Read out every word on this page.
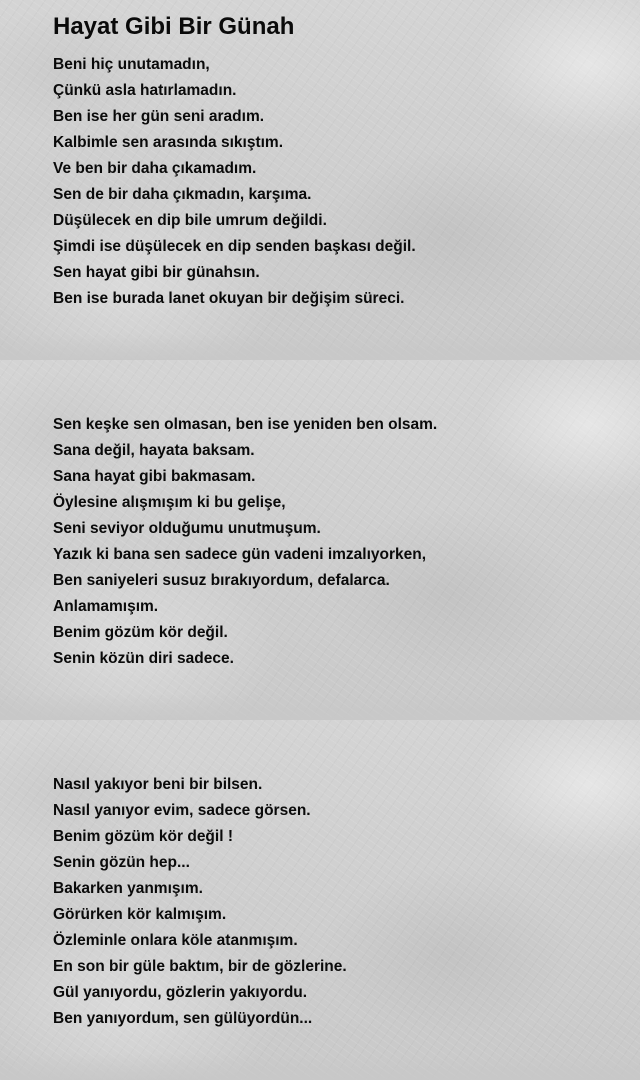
Hayat Gibi Bir Günah
Beni hiç unutamadın,
Çünkü asla hatırlamadın.
Ben ise her gün seni aradım.
Kalbimle sen arasında sıkıştım.
Ve ben bir daha çıkamadım.
Sen de bir daha çıkmadın, karşıma.
Düşülecek en dip bile umrum değildi.
Şimdi ise düşülecek en dip senden başkası değil.
Sen hayat gibi bir günahsın.
Ben ise burada lanet okuyan bir değişim süreci.
Sen keşke sen olmasan, ben ise yeniden ben olsam.
Sana değil, hayata baksam.
Sana hayat gibi bakmasam.
Öylesine alışmışım ki bu gelişe,
Seni seviyor olduğumu unutmuşum.
Yazık ki bana sen sadece gün vadeni imzalıyorken,
Ben saniyeleri susuz bırakıyordum, defalarca.
Anlamamışım.
Benim gözüm kör değil.
Senin közün diri sadece.
Nasıl yakıyor beni bir bilsen.
Nasıl yanıyor evim, sadece görsen.
Benim gözüm kör değil !
Senin gözün hep...
Bakarken yanmışım.
Görürken kör kalmışım.
Özleminle onlara köle atanmışım.
En son bir güle baktım, bir de gözlerine.
Gül yanıyordu, gözlerin yakıyordu.
Ben yanıyordum, sen gülüyordün...
